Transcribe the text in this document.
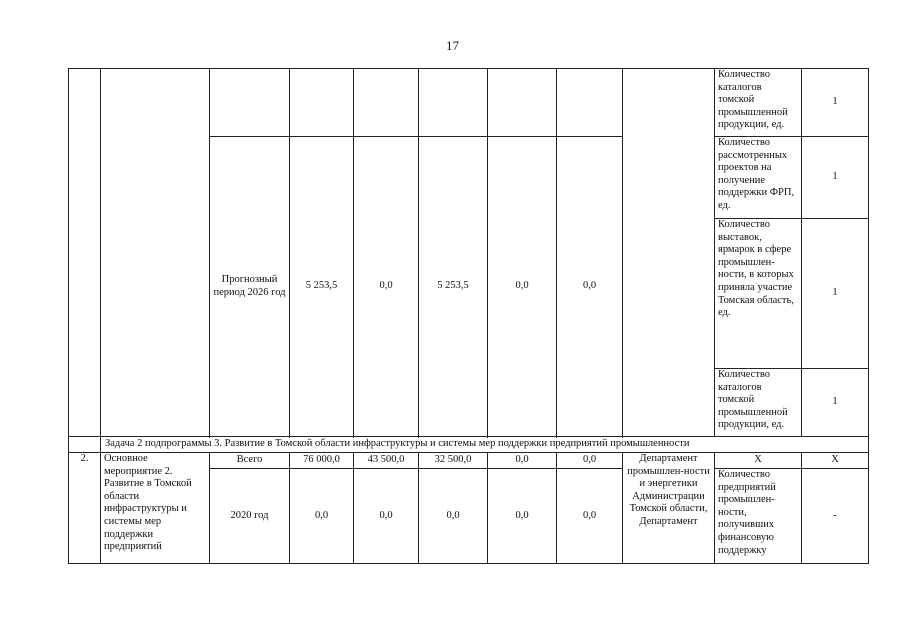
17
									Количество каталогов томской промышленной продукции, ед.	1
		Прогнозный период 2026 год	5 253,5	0,0	5 253,5	0,0	0,0		Количество рассмотренных проектов на получение поддержки ФРП, ед.	1
									Количество выставок, ярмарок в сфере промышлен-ности, в которых приняла участие Томская область, ед.	1
									Количество каталогов томской промышленной продукции, ед.	1

	Задача 2 подпрограммы 3. Развитие в Томской области инфраструктуры и системы мер поддержки предприятий промышленности									
2.	Основное мероприятие 2. Развитие в Томской области инфраструктуры и системы мер поддержки предприятий	Всего	76 000,0	43 500,0	32 500,0	0,0	0,0	Департамент промышлен-ности и энергетики Администрации Томской области, Департамент	Х	Х
		2020 год	0,0	0,0	0,0	0,0	0,0		Количество предприятий промышлен-ности, получивших финансовую поддержку	-
